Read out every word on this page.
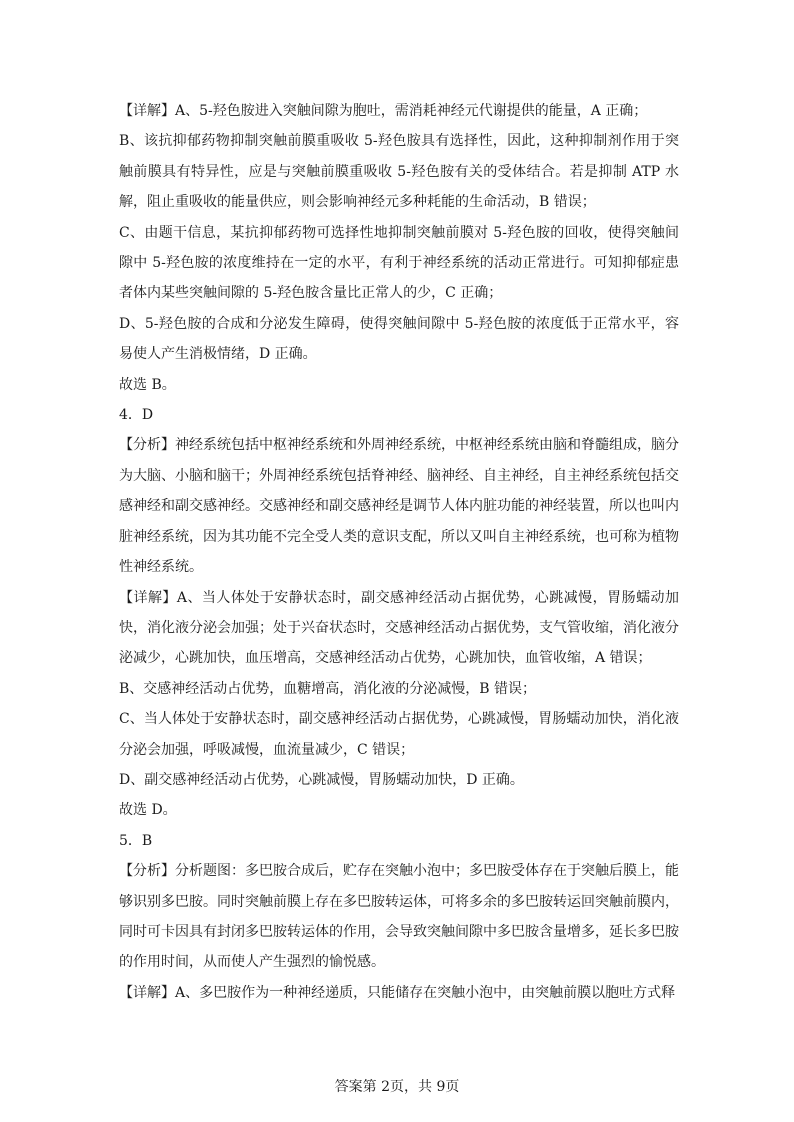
【详解】A、5-羟色胺进入突触间隙为胞吐，需消耗神经元代谢提供的能量，A 正确；

B、该抗抑郁药物抑制突触前膜重吸收 5-羟色胺具有选择性，因此，这种抑制剂作用于突触前膜具有特异性，应是与突触前膜重吸收 5-羟色胺有关的受体结合。若是抑制 ATP 水解，阻止重吸收的能量供应，则会影响神经元多种耗能的生命活动，B 错误；

C、由题干信息，某抗抑郁药物可选择性地抑制突触前膜对 5-羟色胺的回收，使得突触间隙中 5-羟色胺的浓度维持在一定的水平，有利于神经系统的活动正常进行。可知抑郁症患者体内某些突触间隙的 5-羟色胺含量比正常人的少，C 正确；

D、5-羟色胺的合成和分泌发生障碍，使得突触间隙中 5-羟色胺的浓度低于正常水平，容易使人产生消极情绪，D 正确。

故选 B。

4．D

【分析】神经系统包括中枢神经系统和外周神经系统，中枢神经系统由脑和脊髓组成，脑分为大脑、小脑和脑干；外周神经系统包括脊神经、脑神经、自主神经，自主神经系统包括交感神经和副交感神经。交感神经和副交感神经是调节人体内脏功能的神经装置，所以也叫内脏神经系统，因为其功能不完全受人类的意识支配，所以又叫自主神经系统，也可称为植物性神经系统。

【详解】A、当人体处于安静状态时，副交感神经活动占据优势，心跳减慢，胃肠蠕动加快，消化液分泌会加强；处于兴奋状态时，交感神经活动占据优势，支气管收缩，消化液分泌减少，心跳加快，血压增高，交感神经活动占优势，心跳加快，血管收缩，A 错误；

B、交感神经活动占优势，血糖增高，消化液的分泌减慢，B 错误；

C、当人体处于安静状态时，副交感神经活动占据优势，心跳减慢，胃肠蠕动加快，消化液分泌会加强，呼吸减慢，血流量减少，C 错误；

D、副交感神经活动占优势，心跳减慢，胃肠蠕动加快，D 正确。

故选 D。

5．B

【分析】分析题图：多巴胺合成后，贮存在突触小泡中；多巴胺受体存在于突触后膜上，能够识别多巴胺。同时突触前膜上存在多巴胺转运体，可将多余的多巴胺转运回突触前膜内，同时可卡因具有封闭多巴胺转运体的作用，会导致突触间隙中多巴胺含量增多，延长多巴胺的作用时间，从而使人产生强烈的愉悦感。

【详解】A、多巴胺作为一种神经递质，只能储存在突触小泡中，由突触前膜以胞吐方式释

答案第 2页，共 9页
